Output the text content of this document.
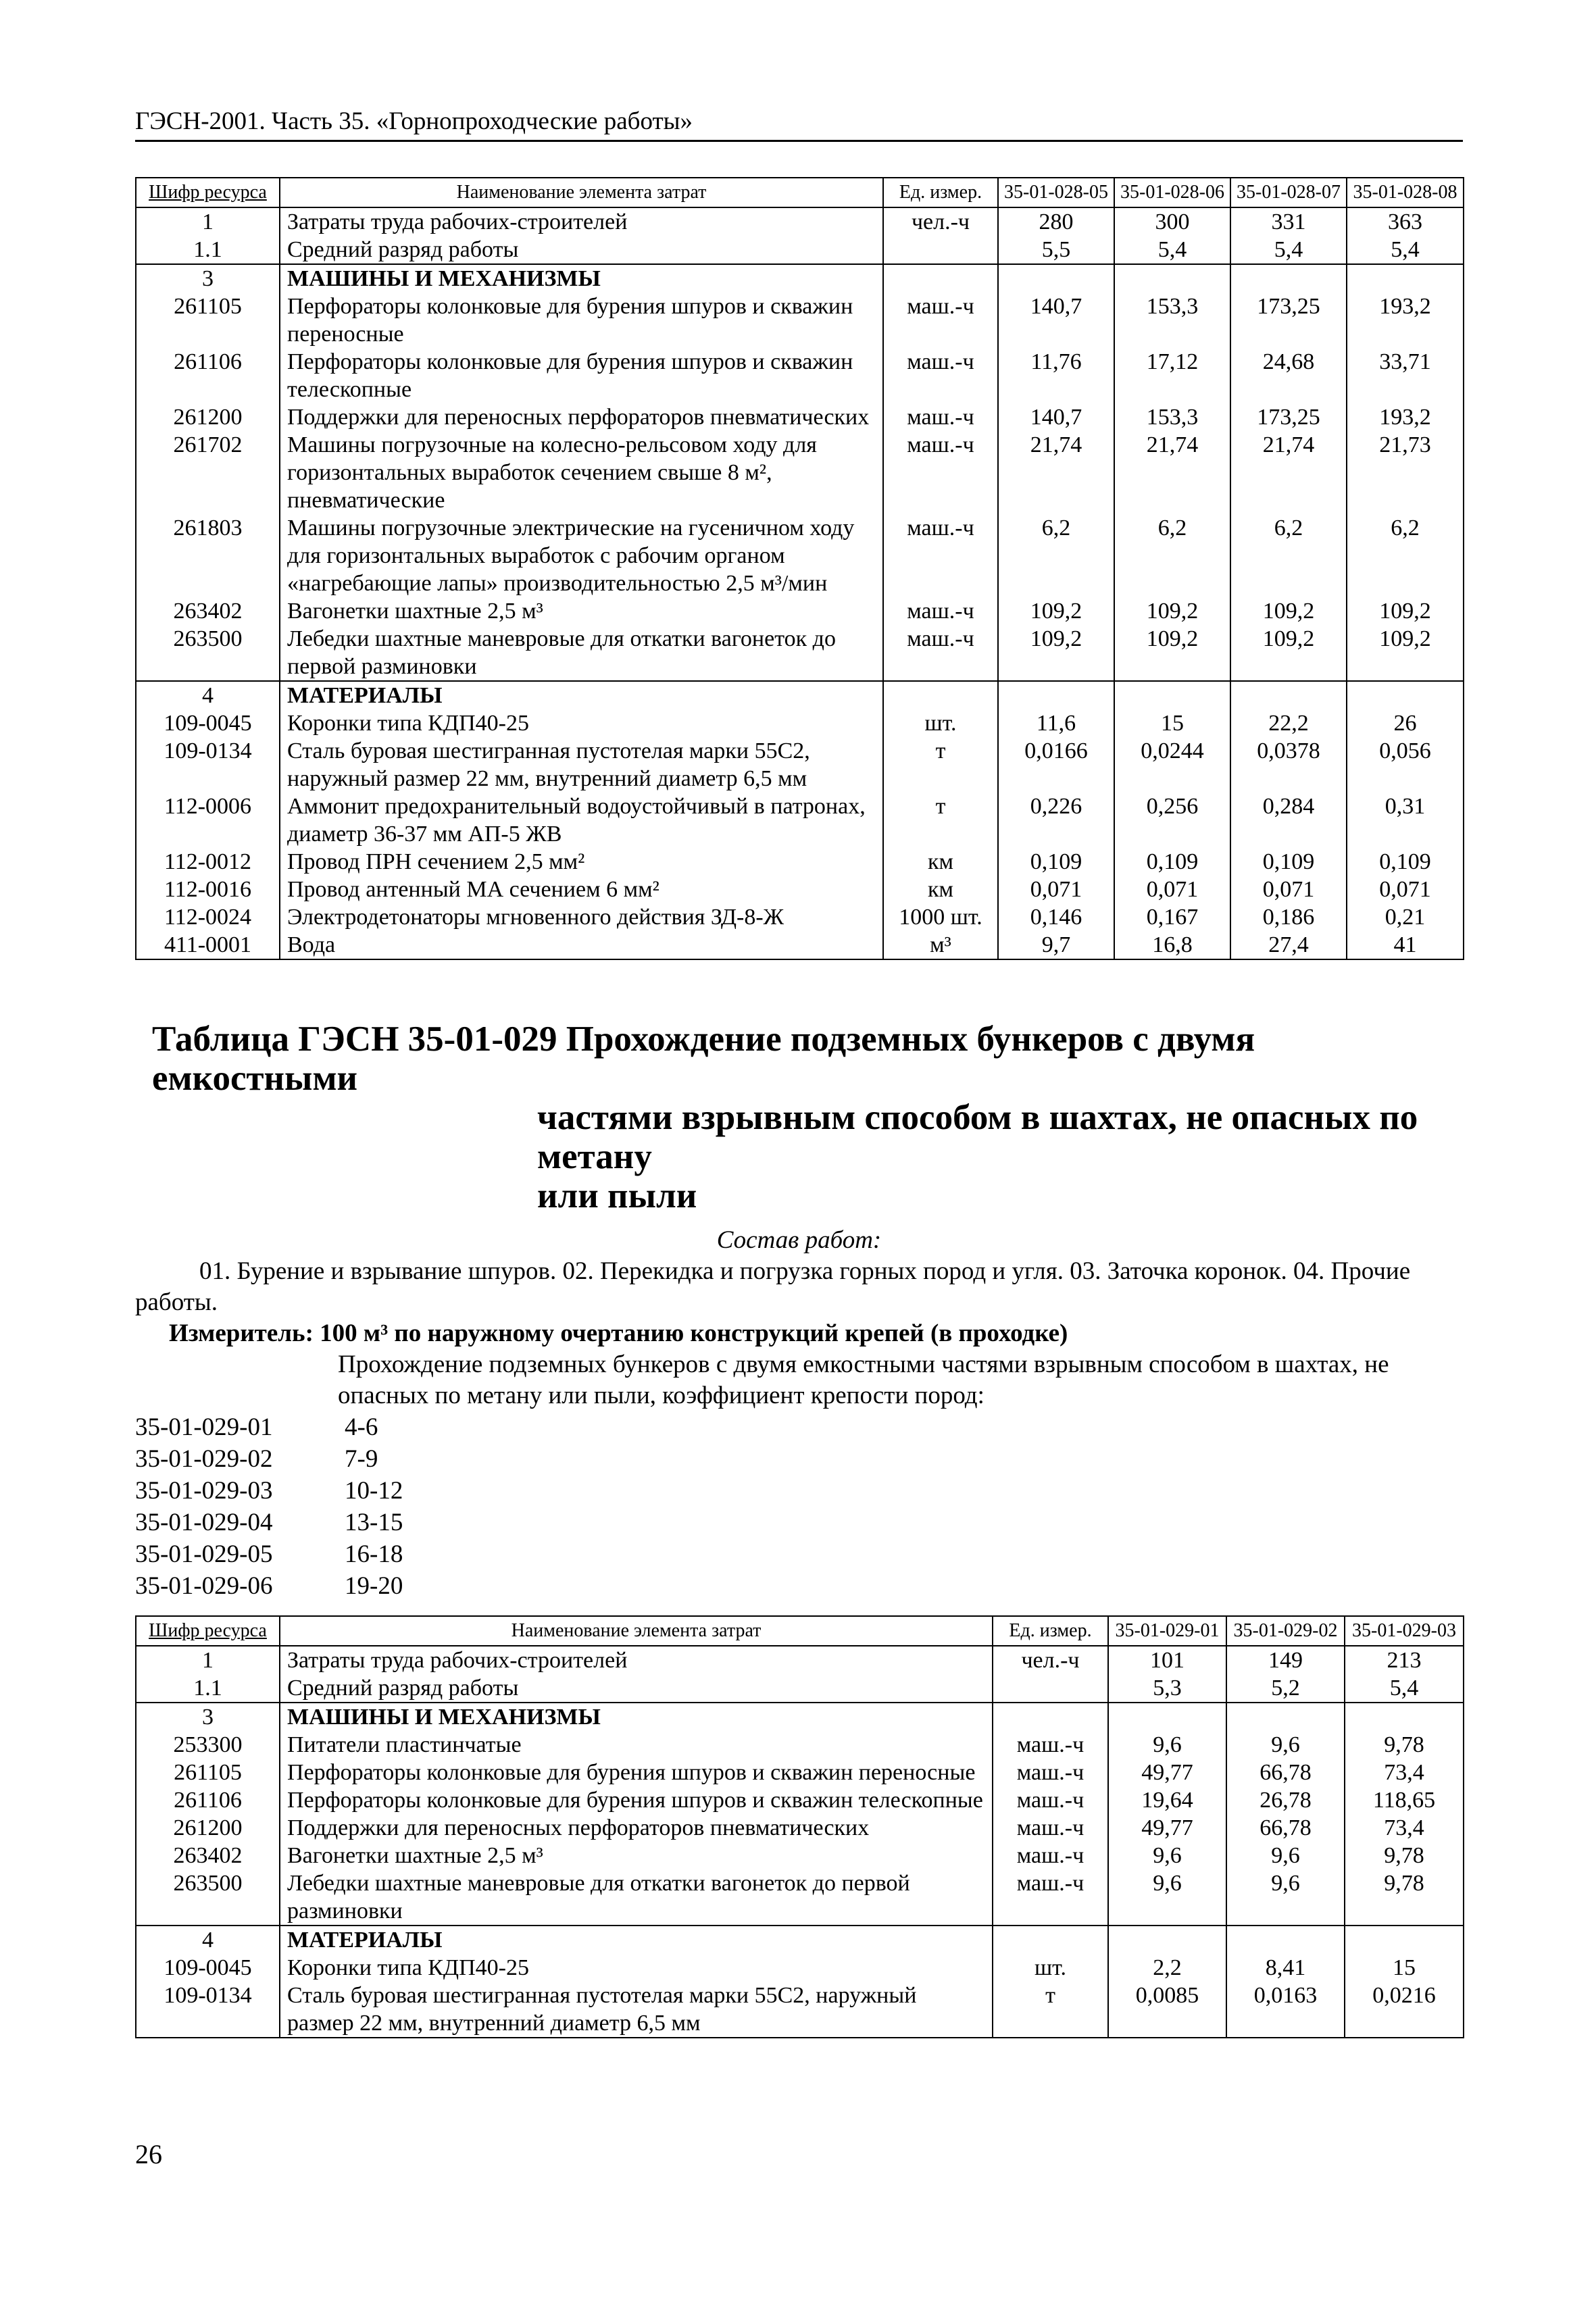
ГЭСН-2001. Часть 35. «Горнопроходческие работы»
Шифр ресурса	Наименование элемента затрат	Ед. измер.	35-01-028-05	35-01-028-06	35-01-028-07	35-01-028-08
1	Затраты труда рабочих-строителей	чел.-ч	280	300	331	363
1.1	Средний разряд работы		5,5	5,4	5,4	5,4
3	МАШИНЫ И МЕХАНИЗМЫ					
261105	Перфораторы колонковые для бурения шпуров и скважин переносные	маш.-ч	140,7	153,3	173,25	193,2
261106	Перфораторы колонковые для бурения шпуров и скважин телескопные	маш.-ч	11,76	17,12	24,68	33,71
261200	Поддержки для переносных перфораторов пневматических	маш.-ч	140,7	153,3	173,25	193,2
261702	Машины погрузочные на колесно-рельсовом ходу для горизонтальных выработок сечением свыше 8 м², пневматические	маш.-ч	21,74	21,74	21,74	21,73
261803	Машины погрузочные электрические на гусеничном ходу для горизонтальных выработок с рабочим органом «нагребающие лапы» производительностью 2,5 м³/мин	маш.-ч	6,2	6,2	6,2	6,2
263402	Вагонетки шахтные 2,5 м³	маш.-ч	109,2	109,2	109,2	109,2
263500	Лебедки шахтные маневровые для откатки вагонеток до первой разминовки	маш.-ч	109,2	109,2	109,2	109,2
4	МАТЕРИАЛЫ					
109-0045	Коронки типа КДП40-25	шт.	11,6	15	22,2	26
109-0134	Сталь буровая шестигранная пустотелая марки 55С2, наружный размер 22 мм, внутренний диаметр 6,5 мм	т	0,0166	0,0244	0,0378	0,056
112-0006	Аммонит предохранительный водоустойчивый в патронах, диаметр 36-37 мм АП-5 ЖВ	т	0,226	0,256	0,284	0,31
112-0012	Провод ПРН сечением 2,5 мм²	км	0,109	0,109	0,109	0,109
112-0016	Провод антенный МА сечением 6 мм²	км	0,071	0,071	0,071	0,071
112-0024	Электродетонаторы мгновенного действия ЗД-8-Ж	1000 шт.	0,146	0,167	0,186	0,21
411-0001	Вода	м³	9,7	16,8	27,4	41
Таблица ГЭСН 35-01-029 Прохождение подземных бункеров с двумя емкостными
частями взрывным способом в шахтах, не опасных по метану
или пыли
Состав работ:

01. Бурение и взрывание шпуров. 02. Перекидка и погрузка горных пород и угля. 03. Заточка коронок. 04. Прочие работы.

Измеритель: 100 м³ по наружному очертанию конструкций крепей (в проходке)
Прохождение подземных бункеров с двумя емкостными частями взрывным способом в шахтах, не опасных по метану или пыли, коэффициент крепости пород:
35-01-029-01	4-6
35-01-029-02	7-9
35-01-029-03	10-12
35-01-029-04	13-15
35-01-029-05	16-18
35-01-029-06	19-20
Шифр ресурса	Наименование элемента затрат	Ед. измер.	35-01-029-01	35-01-029-02	35-01-029-03
1	Затраты труда рабочих-строителей	чел.-ч	101	149	213
1.1	Средний разряд работы		5,3	5,2	5,4
3	МАШИНЫ И МЕХАНИЗМЫ				
253300	Питатели пластинчатые	маш.-ч	9,6	9,6	9,78
261105	Перфораторы колонковые для бурения шпуров и скважин переносные	маш.-ч	49,77	66,78	73,4
261106	Перфораторы колонковые для бурения шпуров и скважин телескопные	маш.-ч	19,64	26,78	118,65
261200	Поддержки для переносных перфораторов пневматических	маш.-ч	49,77	66,78	73,4
263402	Вагонетки шахтные 2,5 м³	маш.-ч	9,6	9,6	9,78
263500	Лебедки шахтные маневровые для откатки вагонеток до первой разминовки	маш.-ч	9,6	9,6	9,78
4	МАТЕРИАЛЫ				
109-0045	Коронки типа КДП40-25	шт.	2,2	8,41	15
109-0134	Сталь буровая шестигранная пустотелая марки 55С2, наружный размер 22 мм, внутренний диаметр 6,5 мм	т	0,0085	0,0163	0,0216
26
